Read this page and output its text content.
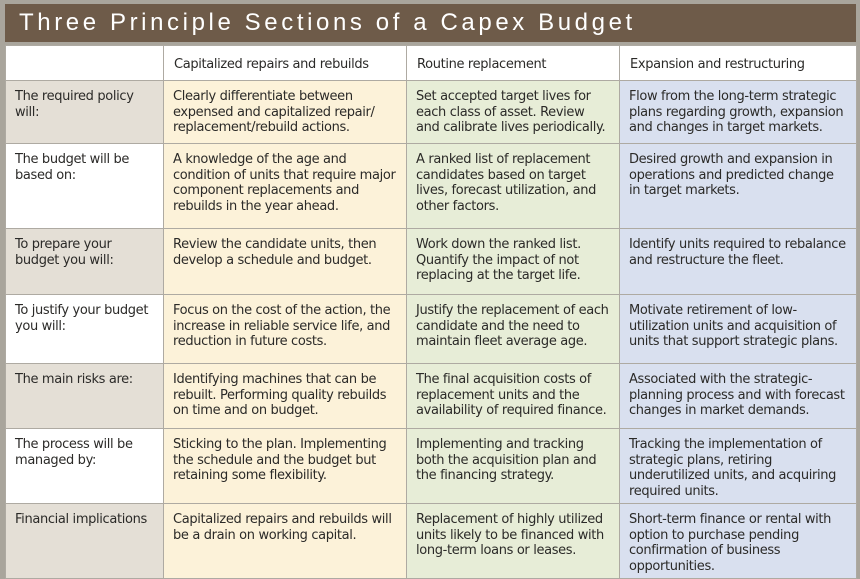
Three Principle Sections of a Capex Budget
	Capitalized repairs and rebuilds	Routine replacement	Expansion and restructuring
The required policy will:	Clearly differentiate between expensed and capitalized repair/ replacement/rebuild actions.	Set accepted target lives for each class of asset. Review and calibrate lives periodically.	Flow from the long-term strategic plans regarding growth, expansion and changes in target markets.
The budget will be based on:	A knowledge of the age and condition of units that require major component replacements and rebuilds in the year ahead.	A ranked list of replacement candidates based on target lives, forecast utilization, and other factors.	Desired growth and expansion in operations and predicted change in target markets.
To prepare your budget you will:	Review the candidate units, then develop a schedule and budget.	Work down the ranked list. Quantify the impact of not replacing at the target life.	Identify units required to rebalance and restructure the fleet.
To justify your budget you will:	Focus on the cost of the action, the increase in reliable service life, and reduction in future costs.	Justify the replacement of each candidate and the need to maintain fleet average age.	Motivate retirement of low-utilization units and acquisition of units that support strategic plans.
The main risks are:	Identifying machines that can be rebuilt. Performing quality rebuilds on time and on budget.	The final acquisition costs of replacement units and the availability of required finance.	Associated with the strategic-planning process and with forecast changes in market demands.
The process will be managed by:	Sticking to the plan. Implementing the schedule and the budget but retaining some flexibility.	Implementing and tracking both the acquisition plan and the financing strategy.	Tracking the implementation of strategic plans, retiring underutilized units, and acquiring required units.
Financial implications	Capitalized repairs and rebuilds will be a drain on working capital.	Replacement of highly utilized units likely to be financed with long-term loans or leases.	Short-term finance or rental with option to purchase pending confirmation of business opportunities.
